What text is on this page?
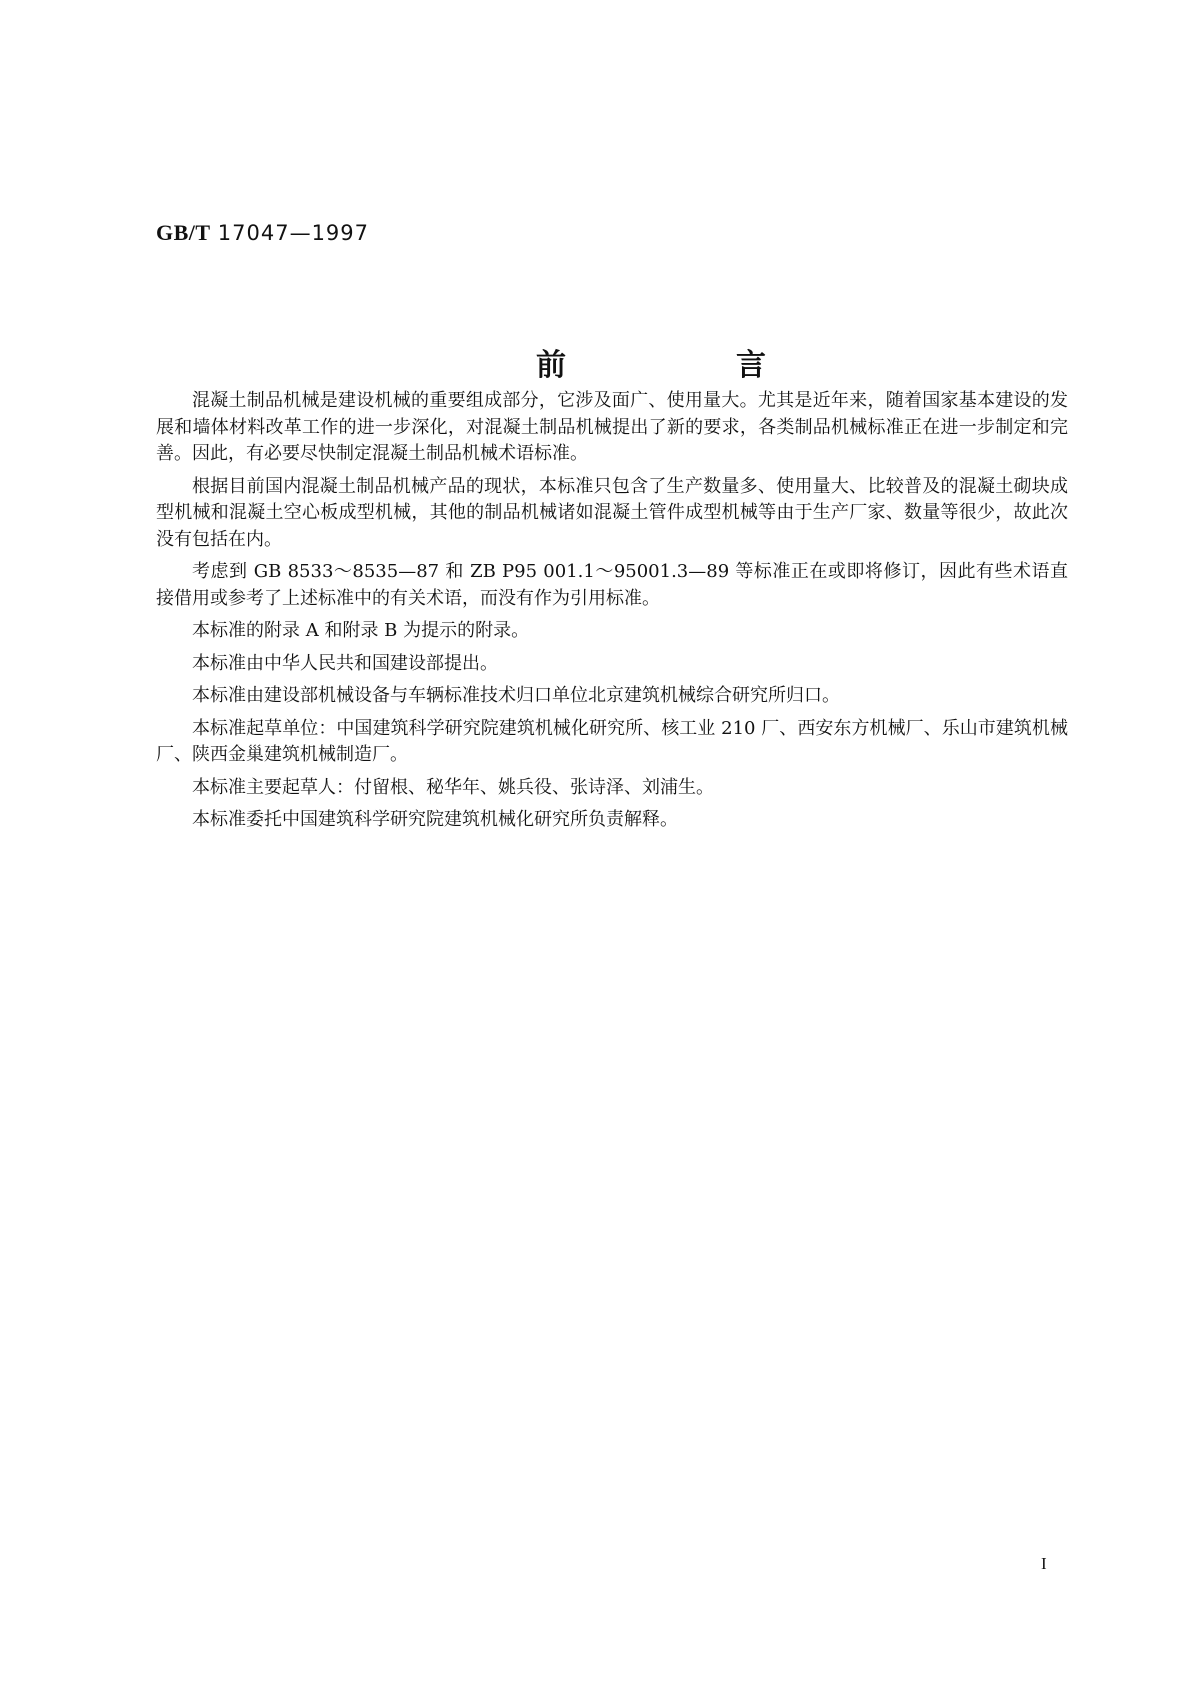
GB/T 17047—1997
前　言

混凝土制品机械是建设机械的重要组成部分，它涉及面广、使用量大。尤其是近年来，随着国家基本建设的发展和墙体材料改革工作的进一步深化，对混凝土制品机械提出了新的要求，各类制品机械标准正在进一步制定和完善。因此，有必要尽快制定混凝土制品机械术语标准。

根据目前国内混凝土制品机械产品的现状，本标准只包含了生产数量多、使用量大、比较普及的混凝土砌块成型机械和混凝土空心板成型机械，其他的制品机械诸如混凝土管件成型机械等由于生产厂家、数量等很少，故此次没有包括在内。

考虑到 GB 8533～8535—87 和 ZB P95 001.1～95001.3—89 等标准正在或即将修订，因此有些术语直接借用或参考了上述标准中的有关术语，而没有作为引用标准。

本标准的附录 A 和附录 B 为提示的附录。

本标准由中华人民共和国建设部提出。

本标准由建设部机械设备与车辆标准技术归口单位北京建筑机械综合研究所归口。

本标准起草单位：中国建筑科学研究院建筑机械化研究所、核工业 210 厂、西安东方机械厂、乐山市建筑机械厂、陕西金巢建筑机械制造厂。

本标准主要起草人：付留根、秘华年、姚兵役、张诗泽、刘浦生。

本标准委托中国建筑科学研究院建筑机械化研究所负责解释。

I
